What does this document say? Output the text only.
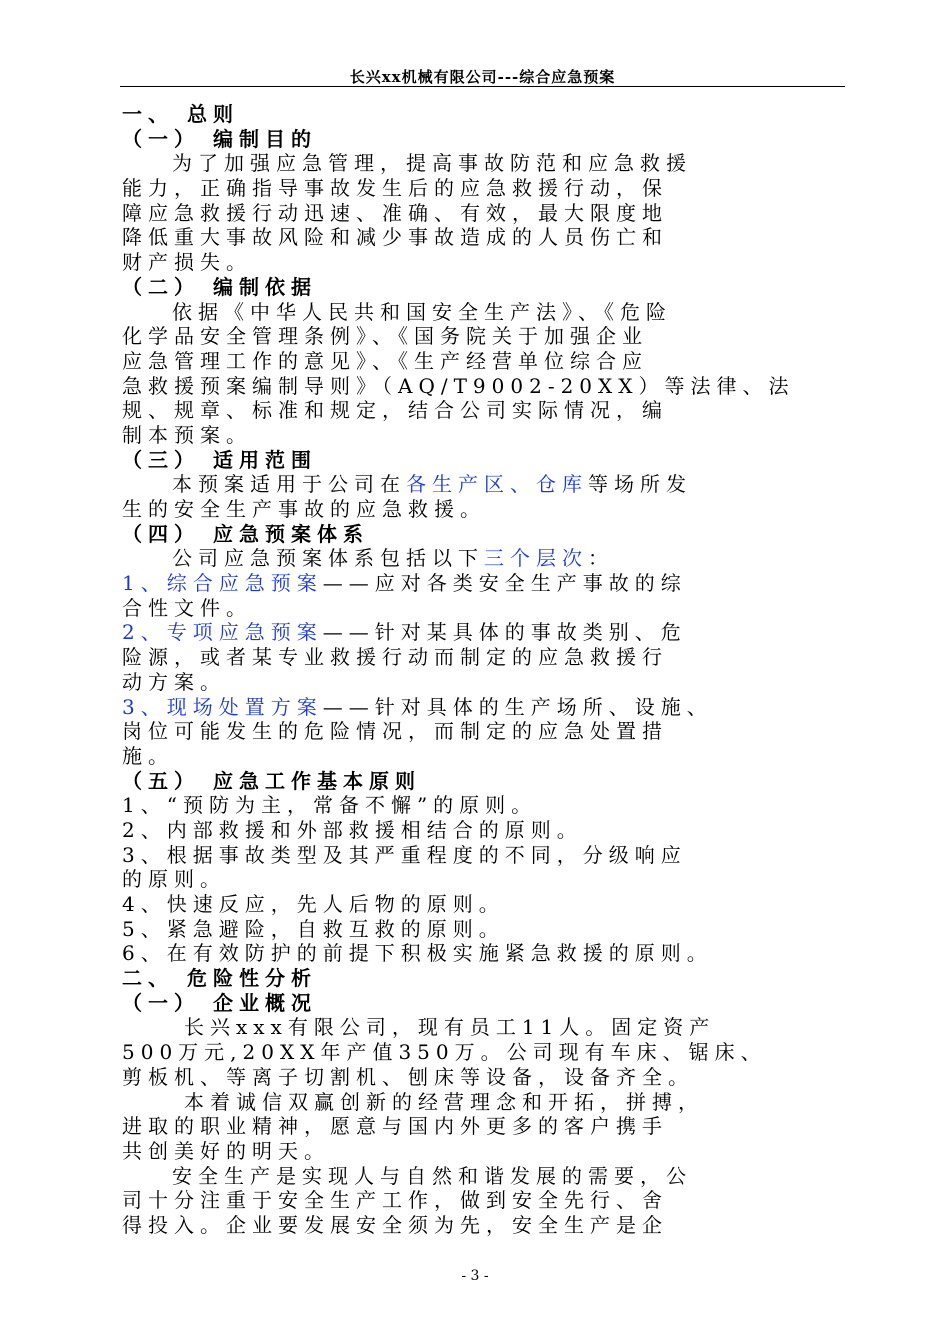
长兴xx机械有限公司---综合应急预案
一、 总则
（一） 编制目的
为了加强应急管理，提高事故防范和应急救援
能力，正确指导事故发生后的应急救援行动，保
障应急救援行动迅速、准确、有效，最大限度地
降低重大事故风险和减少事故造成的人员伤亡和
财产损失。
（二） 编制依据
依据《中华人民共和国安全生产法》、《危险
化学品安全管理条例》、《国务院关于加强企业
应急管理工作的意见》、《生产经营单位综合应
急救援预案编制导则》（AQ/T9002-20XX）等法律、法
规、规章、标准和规定，结合公司实际情况，编
制本预案。
（三） 适用范围
本预案适用于公司在各生产区、仓库等场所发
生的安全生产事故的应急救援。
（四） 应急预案体系
公司应急预案体系包括以下三个层次：
1、综合应急预案——应对各类安全生产事故的综
合性文件。
2、专项应急预案——针对某具体的事故类别、危
险源，或者某专业救援行动而制定的应急救援行
动方案。
3、现场处置方案——针对具体的生产场所、设施、
岗位可能发生的危险情况，而制定的应急处置措
施。
（五） 应急工作基本原则
1、“预防为主，常备不懈”的原则。
2、内部救援和外部救援相结合的原则。
3、根据事故类型及其严重程度的不同，分级响应
的原则。
4、快速反应，先人后物的原则。
5、紧急避险，自救互救的原则。
6、在有效防护的前提下积极实施紧急救援的原则。
二、 危险性分析
（一） 企业概况
长兴xxx有限公司，现有员工11人。固定资产
500万元,20XX年产值350万。公司现有车床、锯床、
剪板机、等离子切割机、刨床等设备，设备齐全。
本着诚信双赢创新的经营理念和开拓，拼搏，
进取的职业精神，愿意与国内外更多的客户携手
共创美好的明天。
安全生产是实现人与自然和谐发展的需要，公
司十分注重于安全生产工作，做到安全先行、舍
得投入。企业要发展安全须为先，安全生产是企
- 3 -
